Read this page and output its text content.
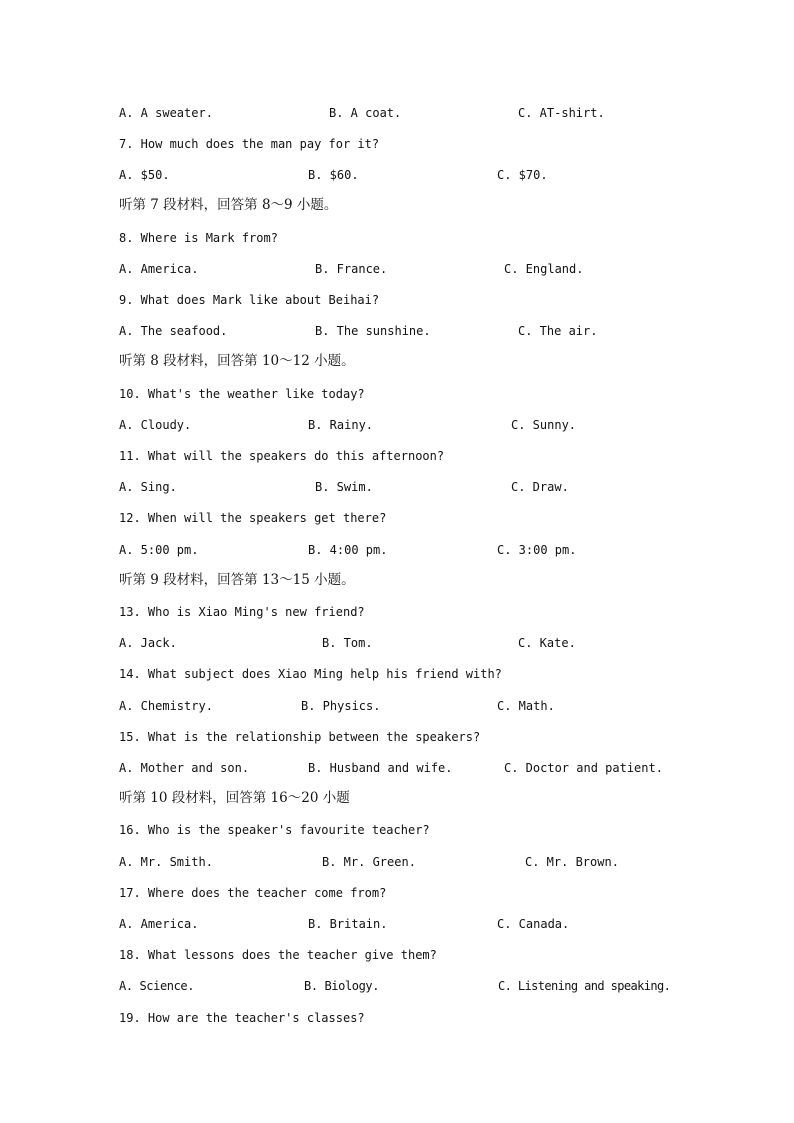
A. A sweater.	B. A coat.	C. AT-shirt.
7. How much does the man pay for it?
A. $50.	B. $60.	C. $70.
听第 7 段材料，回答第 8～9 小题。
8. Where is Mark from?
A. America.	B. France.	C. England.
9. What does Mark like about Beihai?
A. The seafood.	B. The sunshine.	C. The air.
听第 8 段材料，回答第 10～12 小题。
10. What's the weather like today?
A. Cloudy.	B. Rainy.	C. Sunny.
11. What will the speakers do this afternoon?
A. Sing.	B. Swim.	C. Draw.
12. When will the speakers get there?
A. 5:00 pm.	B. 4:00 pm.	C. 3:00 pm.
听第 9 段材料，回答第 13～15 小题。
13. Who is Xiao Ming's new friend?
A. Jack.	B. Tom.	C. Kate.
14. What subject does Xiao Ming help his friend with?
A. Chemistry.	B. Physics.	C. Math.
15. What is the relationship between the speakers?
A. Mother and son.	B. Husband and wife.	C. Doctor and patient.
听第 10 段材料，回答第 16～20 小题
16. Who is the speaker's favourite teacher?
A. Mr. Smith.	B. Mr. Green.	C. Mr. Brown.
17. Where does the teacher come from?
A. America.	B. Britain.	C. Canada.
18. What lessons does the teacher give them?
A. Science.	B. Biology.	C. Listening and speaking.
19. How are the teacher's classes?
